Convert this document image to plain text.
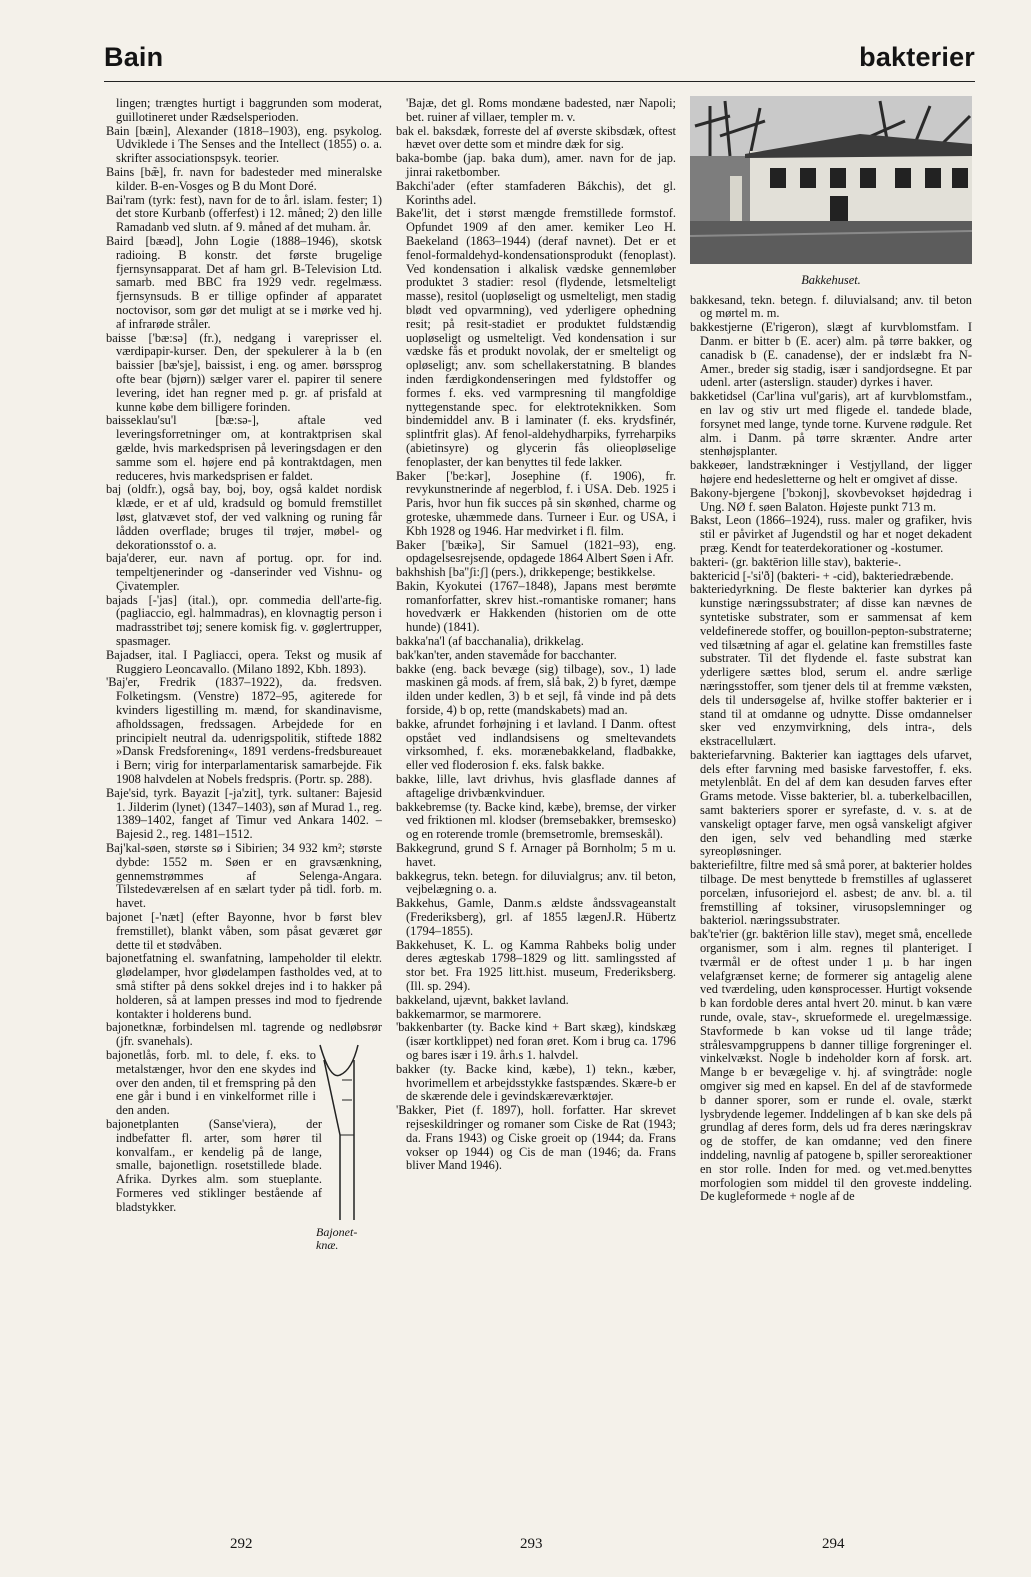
Bain	bakterier
lingen; trængtes hurtigt i baggrunden som moderat, guillotineret under Rædselsperioden.
Bain [bæin], Alexander (1818–1903), eng. psykolog. Udviklede i The Senses and the Intellect (1855) o. a. skrifter associationspsyk. teorier.
Bains [bæ̃], fr. navn for badesteder med mineralske kilder. B-en-Vosges og B du Mont Doré.
Bai'ram (tyrk: fest), navn for de to årl. islam. fester; 1) det store Kurbanb (offerfest) i 12. måned; 2) den lille Ramadanb ved slutn. af 9. måned af det muham. år.
Baird [bæəd], John Logie (1888–1946), skotsk radioing. B konstr. det første brugelige fjernsynsapparat. Det af ham grl. B-Television Ltd. samarb. med BBC fra 1929 vedr. regelmæss. fjernsynsuds. B er tillige opfinder af apparatet noctovisor, som gør det muligt at se i mørke ved hj. af infrarøde stråler.
baisse ['bæ:sə] (fr.), nedgang i vareprisser el. værdipapir-kurser. Den, der spekulerer à la b (en baissier [bæ'sje], baissist, i eng. og amer. børssprog ofte bear (bjørn)) sælger varer el. papirer til senere levering, idet han regner med p. gr. af prisfald at kunne købe dem billigere forinden.
baisseklau'su'l [bæ:sə-], aftale ved leveringsforretninger om, at kontraktprisen skal gælde, hvis markedsprisen på leveringsdagen er den samme som el. højere end på kontraktdagen, men reduceres, hvis markedsprisen er faldet.
baj (oldfr.), også bay, boj, boy, også kaldet nordisk klæde, er et af uld, kradsuld og bomuld fremstillet løst, glatvævet stof, der ved valkning og runing får lådden overflade; bruges til trøjer, møbel- og dekorationsstof o. a.
baja'derer, eur. navn af portug. opr. for ind. tempeltjenerinder og -danserinder ved Vishnu- og Çivatempler.
bajads [-'jas] (ital.), opr. commedia dell'arte-fig. (pagliaccio, egl. halmmadras), en klovnagtig person i madrasstribet tøj; senere komisk fig. v. gøglertrupper, spasmager.
Bajadser, ital. I Pagliacci, opera. Tekst og musik af Ruggiero Leoncavallo. (Milano 1892, Kbh. 1893).
'Baj'er, Fredrik (1837–1922), da. fredsven. Folketingsm. (Venstre) 1872–95, agiterede for kvinders ligestilling m. mænd, for skandinavisme, afholdssagen, fredssagen. Arbejdede for en principielt neutral da. udenrigspolitik, stiftede 1882 »Dansk Fredsforening«, 1891 verdens-fredsbureauet i Bern; virig for interparlamentarisk samarbejde. Fik 1908 halvdelen at Nobels fredspris. (Portr. sp. 288).
Baje'sid, tyrk. Bayazit [-ja'zit], tyrk. sultaner: Bajesid 1. Jilderim (lynet) (1347–1403), søn af Murad 1., reg. 1389–1402, fanget af Timur ved Ankara 1402. – Bajesid 2., reg. 1481–1512.
Baj'kal-søen, største sø i Sibirien; 34 932 km²; største dybde: 1552 m. Søen er en gravsænkning, gennemstrømmes af Selenga-Angara. Tilstedeværelsen af en sælart tyder på tidl. forb. m. havet.
bajonet [-'næt] (efter Bayonne, hvor b først blev fremstillet), blankt våben, som påsat geværet gør dette til et stødvåben.
bajonetfatning el. swanfatning, lampeholder til elektr. glødelamper, hvor glødelampen fastholdes ved, at to små stifter på dens sokkel drejes ind i to hakker på holderen, så at lampen presses ind mod to fjedrende kontakter i holderens bund.
bajonetknæ, forbindelsen ml. tagrende og nedløbsrør (jfr. svanehals).
bajonetlås, forb. ml. to dele, f. eks. to metalstænger, hvor den ene skydes ind over den anden, til et fremspring på den ene går i bund i en vinkelformet rille i den anden.
bajonetplanten (Sanse'viera), der indbefatter fl. arter, som hører til konvalfam., er kendelig på de lange, smalle, bajonetlign. rosetstillede blade. Afrika. Dyrkes alm. som stueplante. Formeres ved stiklinger bestående af bladstykker.
Bajonet-knæ.
'Bajæ, det gl. Roms mondæne badested, nær Napoli; bet. ruiner af villaer, templer m. v.
bak el. baksdæk, forreste del af øverste skibsdæk, oftest hævet over dette som et mindre dæk for sig.
baka-bombe (jap. baka dum), amer. navn for de jap. jinrai raketbomber.
Bakchi'ader (efter stamfaderen Bákchis), det gl. Korinths adel.
Bake'lit, det i størst mængde fremstillede formstof. Opfundet 1909 af den amer. kemiker Leo H. Baekeland (1863–1944) (deraf navnet). Det er et fenol-formaldehyd-kondensationsprodukt (fenoplast). Ved kondensation i alkalisk vædske gennemløber produktet 3 stadier: resol (flydende, letsmelteligt masse), resitol (uopløseligt og usmelteligt, men stadig blødt ved opvarmning), ved yderligere ophedning resit; på resit-stadiet er produktet fuldstændig uopløseligt og usmelteligt. Ved kondensation i sur vædske fås et produkt novolak, der er smelteligt og opløseligt; anv. som schellakerstatning. B blandes inden færdigkondenseringen med fyldstoffer og formes f. eks. ved varmpresning til mangfoldige nyttegenstande spec. for elektroteknikken. Som bindemiddel anv. B i laminater (f. eks. krydsfinér, splintfrit glas). Af fenol-aldehydharpiks, fyrreharpiks (abietinsyre) og glycerin fås olieopløselige fenoplaster, der kan benyttes til fede lakker.
Baker ['be:kər], Josephine (f. 1906), fr. revykunstnerinde af negerblod, f. i USA. Deb. 1925 i Paris, hvor hun fik succes på sin skønhed, charme og groteske, uhæmmede dans. Turneer i Eur. og USA, i Kbh 1928 og 1946. Har medvirket i fl. film.
Baker ['bæikə], Sir Samuel (1821–93), eng. opdagelsesrejsende, opdagede 1864 Albert Søen i Afr.
bakhshish [ba''ʃi:ʃ] (pers.), drikkepenge; bestikkelse.
Bakin, Kyokutei (1767–1848), Japans mest berømte romanforfatter, skrev hist.-romantiske romaner; hans hovedværk er Hakkenden (historien om de otte hunde) (1841).
bakka'na'l (af bacchanalia), drikkelag.
bak'kan'ter, anden stavemåde for bacchanter.
bakke (eng. back bevæge (sig) tilbage), sov., 1) lade maskinen gå mods. af frem, slå bak, 2) b fyret, dæmpe ilden under kedlen, 3) b et sejl, få vinde ind på dets forside, 4) b op, rette (mandskabets) mad an.
bakke, afrundet forhøjning i et lavland. I Danm. oftest opstået ved indlandsisens og smeltevandets virksomhed, f. eks. morænebakkeland, fladbakke, eller ved floderosion f. eks. falsk bakke.
bakke, lille, lavt drivhus, hvis glasflade dannes af aftagelige drivbænkvinduer.
bakkebremse (ty. Backe kind, kæbe), bremse, der virker ved friktionen ml. klodser (bremsebakker, bremsesko) og en roterende tromle (bremsetromle, bremseskål).
Bakkegrund, grund S f. Arnager på Bornholm; 5 m u. havet.
bakkegrus, tekn. betegn. for diluvialgrus; anv. til beton, vejbelægning o. a.
Bakkehus, Gamle, Danm.s ældste åndssvageanstalt (Frederiksberg), grl. af 1855 lægenJ.R. Hübertz (1794–1855).
Bakkehuset, K. L. og Kamma Rahbeks bolig under deres ægteskab 1798–1829 og litt. samlingssted af stor bet. Fra 1925 litt.hist. museum, Frederiksberg. (Ill. sp. 294).
bakkeland, ujævnt, bakket lavland.
bakkemarmor, se marmorere.
'bakkenbarter (ty. Backe kind + Bart skæg), kindskæg (især kortklippet) ned foran øret. Kom i brug ca. 1796 og bares især i 19. årh.s 1. halvdel.
bakker (ty. Backe kind, kæbe), 1) tekn., kæber, hvorimellem et arbejdsstykke fastspændes. Skære-b er de skærende dele i gevindskæreværktøjer.
'Bakker, Piet (f. 1897), holl. forfatter. Har skrevet rejseskildringer og romaner som Ciske de Rat (1943; da. Frans 1943) og Ciske groeit op (1944; da. Frans vokser op 1944) og Cis de man (1946; da. Frans bliver Mand 1946).
Bakkehuset.
bakkesand, tekn. betegn. f. diluvialsand; anv. til beton og mørtel m. m.
bakkestjerne (E'rigeron), slægt af kurvblomstfam. I Danm. er bitter b (E. acer) alm. på tørre bakker, og canadisk b (E. canadense), der er indslæbt fra N-Amer., breder sig stadig, især i sandjordsegne. Et par udenl. arter (asterslign. stauder) dyrkes i haver.
bakketidsel (Car'lina vul'garis), art af kurvblomstfam., en lav og stiv urt med fligede el. tandede blade, forsynet med lange, tynde torne. Kurvene rødgule. Ret alm. i Danm. på tørre skrænter. Andre arter stenhøjsplanter.
bakkeøer, landstrækninger i Vestjylland, der ligger højere end hedesletterne og helt er omgivet af disse.
Bakony-bjergene ['bɔkonj], skovbevokset højdedrag i Ung. NØ f. søen Balaton. Højeste punkt 713 m.
Bakst, Leon (1866–1924), russ. maler og grafiker, hvis stil er påvirket af Jugendstil og har et noget dekadent præg. Kendt for teaterdekorationer og -kostumer.
bakteri- (gr. baktērion lille stav), bakterie-.
baktericid [-'si'ð] (bakteri- + -cid), bakteriedræbende.
bakteriedyrkning. De fleste bakterier kan dyrkes på kunstige næringssubstrater; af disse kan nævnes de syntetiske substrater, som er sammensat af kem veldefinerede stoffer, og bouillon-pepton-substraterne; ved tilsætning af agar el. gelatine kan fremstilles faste substrater. Til det flydende el. faste substrat kan yderligere sættes blod, serum el. andre særlige næringsstoffer, som tjener dels til at fremme væksten, dels til undersøgelse af, hvilke stoffer bakterier er i stand til at omdanne og udnytte. Disse omdannelser sker ved enzymvirkning, dels intra-, dels ekstracellulært.
bakteriefarvning. Bakterier kan iagttages dels ufarvet, dels efter farvning med basiske farvestoffer, f. eks. metylenblåt. En del af dem kan desuden farves efter Grams metode. Visse bakterier, bl. a. tuberkelbacillen, samt bakteriers sporer er syrefaste, d. v. s. at de vanskeligt optager farve, men også vanskeligt afgiver den igen, selv ved behandling med stærke syreopløsninger.
bakteriefiltre, filtre med så små porer, at bakterier holdes tilbage. De mest benyttede b fremstilles af uglasseret porcelæn, infusoriejord el. asbest; de anv. bl. a. til fremstilling af toksiner, virusopslemninger og bakteriol. næringssubstrater.
bak'te'rier (gr. baktērion lille stav), meget små, encellede organismer, som i alm. regnes til planteriget. I tværmål er de oftest under 1 µ. b har ingen velafgrænset kerne; de formerer sig antagelig alene ved tværdeling, uden kønsprocesser. Hurtigt voksende b kan fordoble deres antal hvert 20. minut. b kan være runde, ovale, stav-, skrueformede el. uregelmæssige. Stavformede b kan vokse ud til lange tråde; strålesvampgruppens b danner tillige forgreninger el. vinkelvækst. Nogle b indeholder korn af forsk. art. Mange b er bevægelige v. hj. af svingtråde: nogle omgiver sig med en kapsel. En del af de stavformede b danner sporer, som er runde el. ovale, stærkt lysbrydende legemer. Inddelingen af b kan ske dels på grundlag af deres form, dels ud fra deres næringskrav og de stoffer, de kan omdanne; ved den finere inddeling, navnlig af patogene b, spiller seroreaktioner en stor rolle. Inden for med. og vet.med.benyttes morfologien som middel til den groveste inddeling. De kugleformede + nogle af de
292	293	294
